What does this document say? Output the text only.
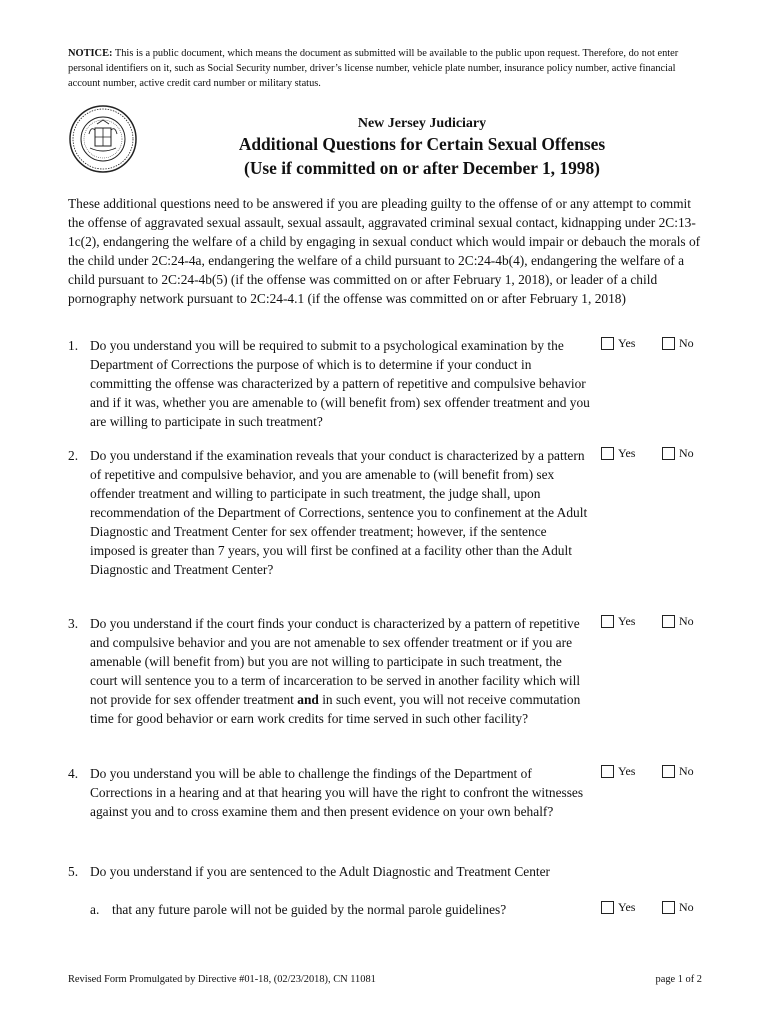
NOTICE: This is a public document, which means the document as submitted will be available to the public upon request. Therefore, do not enter personal identifiers on it, such as Social Security number, driver’s license number, vehicle plate number, insurance policy number, active financial account number, active credit card number or military status.
New Jersey Judiciary
Additional Questions for Certain Sexual Offenses
(Use if committed on or after December 1, 1998)
These additional questions need to be answered if you are pleading guilty to the offense of or any attempt to commit the offense of aggravated sexual assault, sexual assault, aggravated criminal sexual contact, kidnapping under 2C:13-1c(2), endangering the welfare of a child by engaging in sexual conduct which would impair or debauch the morals of the child under 2C:24-4a, endangering the welfare of a child pursuant to 2C:24-4b(4), endangering the welfare of a child pursuant to 2C:24-4b(5) (if the offense was committed on or after February 1, 2018), or leader of a child pornography network pursuant to 2C:24-4.1 (if the offense was committed on or after February 1, 2018)
1. Do you understand you will be required to submit to a psychological examination by the Department of Corrections the purpose of which is to determine if your conduct in committing the offense was characterized by a pattern of repetitive and compulsive behavior and if it was, whether you are amenable to (will benefit from) sex offender treatment and you are willing to participate in such treatment?
Yes	No
2. Do you understand if the examination reveals that your conduct is characterized by a pattern of repetitive and compulsive behavior, and you are amenable to (will benefit from) sex offender treatment and willing to participate in such treatment, the judge shall, upon recommendation of the Department of Corrections, sentence you to confinement at the Adult Diagnostic and Treatment Center for sex offender treatment; however, if the sentence imposed is greater than 7 years, you will first be confined at a facility other than the Adult Diagnostic and Treatment Center?
Yes	No
3. Do you understand if the court finds your conduct is characterized by a pattern of repetitive and compulsive behavior and you are not amenable to sex offender treatment or if you are amenable (will benefit from) but you are not willing to participate in such treatment, the court will sentence you to a term of incarceration to be served in another facility which will not provide for sex offender treatment and in such event, you will not receive commutation time for good behavior or earn work credits for time served in such other facility?
Yes	No
4. Do you understand you will be able to challenge the findings of the Department of Corrections in a hearing and at that hearing you will have the right to confront the witnesses against you and to cross examine them and then present evidence on your own behalf?
Yes	No
5. Do you understand if you are sentenced to the Adult Diagnostic and Treatment Center
a. that any future parole will not be guided by the normal parole guidelines?	Yes	No
Revised Form Promulgated by Directive #01-18, (02/23/2018), CN 11081	page 1 of 2
